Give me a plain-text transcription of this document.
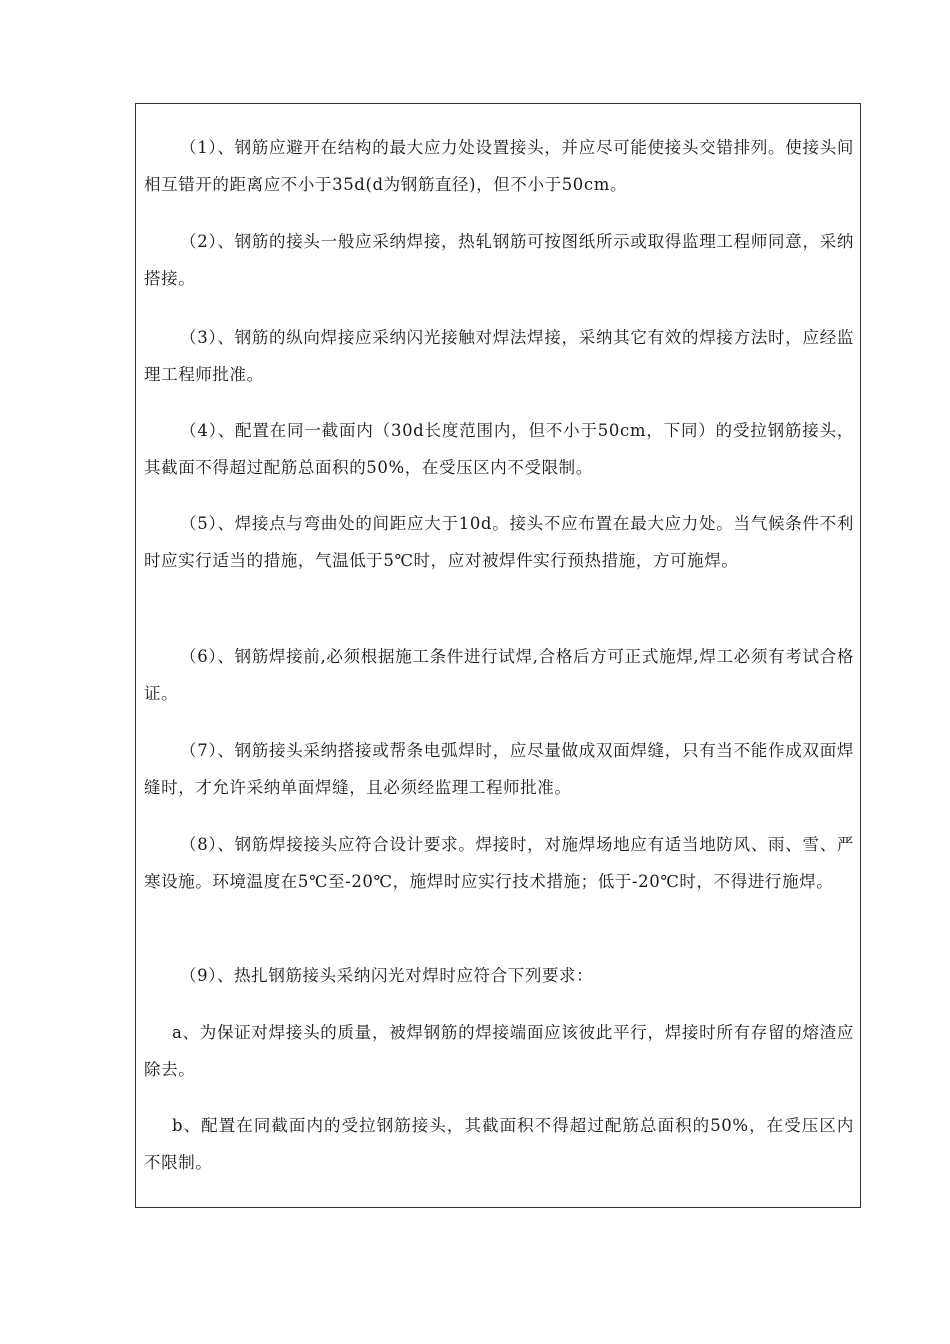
（1）、钢筋应避开在结构的最大应力处设置接头，并应尽可能使接头交错排列。使接头间相互错开的距离应不小于35d(d为钢筋直径)，但不小于50cm。

（2）、钢筋的接头一般应采纳焊接，热轧钢筋可按图纸所示或取得监理工程师同意，采纳搭接。

（3）、钢筋的纵向焊接应采纳闪光接触对焊法焊接，采纳其它有效的焊接方法时，应经监理工程师批准。

（4）、配置在同一截面内（30d长度范围内，但不小于50cm，下同）的受拉钢筋接头，其截面不得超过配筋总面积的50%，在受压区内不受限制。

（5）、焊接点与弯曲处的间距应大于10d。接头不应布置在最大应力处。当气候条件不利时应实行适当的措施，气温低于5℃时，应对被焊件实行预热措施，方可施焊。

（6）、钢筋焊接前,必须根据施工条件进行试焊,合格后方可正式施焊,焊工必须有考试合格证。

（7）、钢筋接头采纳搭接或帮条电弧焊时，应尽量做成双面焊缝，只有当不能作成双面焊缝时，才允许采纳单面焊缝，且必须经监理工程师批准。

（8）、钢筋焊接接头应符合设计要求。焊接时，对施焊场地应有适当地防风、雨、雪、严寒设施。环境温度在5℃至-20℃，施焊时应实行技术措施；低于-20℃时，不得进行施焊。

（9）、热扎钢筋接头采纳闪光对焊时应符合下列要求：

a、为保证对焊接头的质量，被焊钢筋的焊接端面应该彼此平行，焊接时所有存留的熔渣应除去。

b、配置在同截面内的受拉钢筋接头，其截面积不得超过配筋总面积的50%，在受压区内不限制。
